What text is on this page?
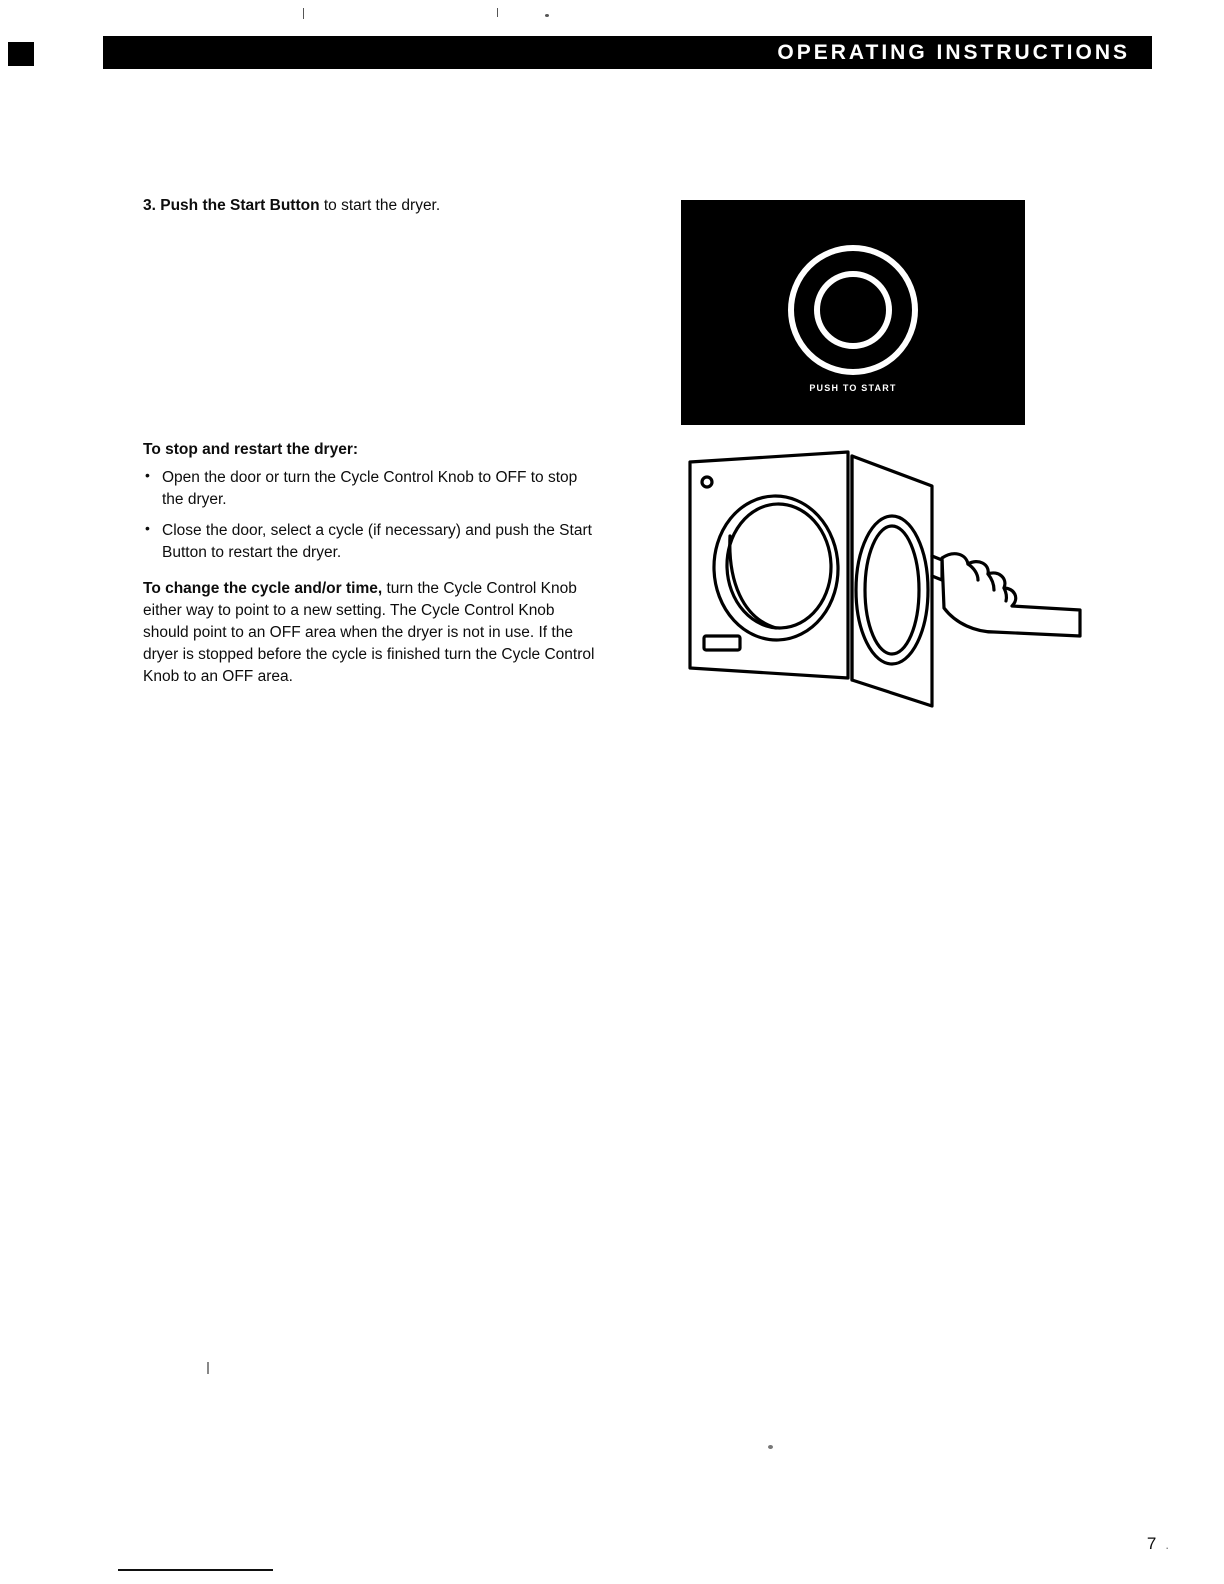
OPERATING INSTRUCTIONS

3. Push the Start Button to start the dryer.

To stop and restart the dryer:

• Open the door or turn the Cycle Control Knob to OFF to stop the dryer.
• Close the door, select a cycle (if necessary) and push the Start Button to restart the dryer.

To change the cycle and/or time, turn the Cycle Control Knob either way to point to a new setting. The Cycle Control Knob should point to an OFF area when the dryer is not in use. If the dryer is stopped before the cycle is finished turn the Cycle Control Knob to an OFF area.

PUSH TO START
7 .
